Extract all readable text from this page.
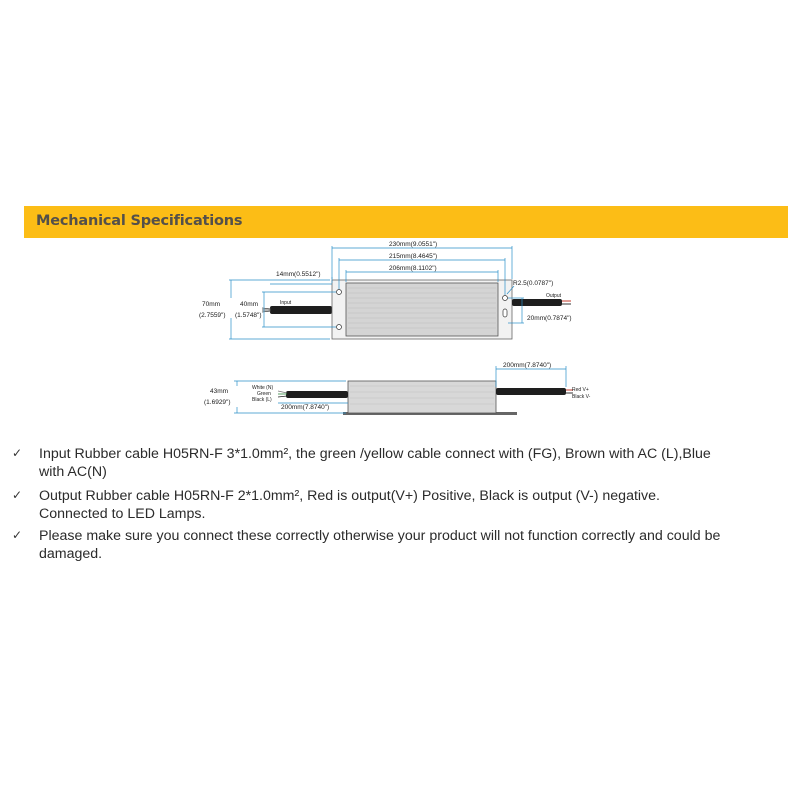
Mechanical Specifications
230mm(9.0551")
215mm(8.4645")
206mm(8.1102")
14mm(0.5512")
R2.5(0.0787")
70mm
(2.7559")
40mm
(1.5748")	20mm(0.7874")
Input
Output
43mm
(1.6929")
200mm(7.8740")
200mm(7.8740")
White (N)
Green
Black (L)
Red V+
Black V-
✓ Input Rubber cable H05RN-F 3*1.0mm², the green /yellow cable connect with (FG), Brown with AC (L),Blue
with AC(N)
✓ Output Rubber cable H05RN-F 2*1.0mm², Red is output(V+) Positive, Black is output (V-) negative.
Connected to LED Lamps.
✓ Please make sure you connect these correctly otherwise your product will not function correctly and could be
damaged.
